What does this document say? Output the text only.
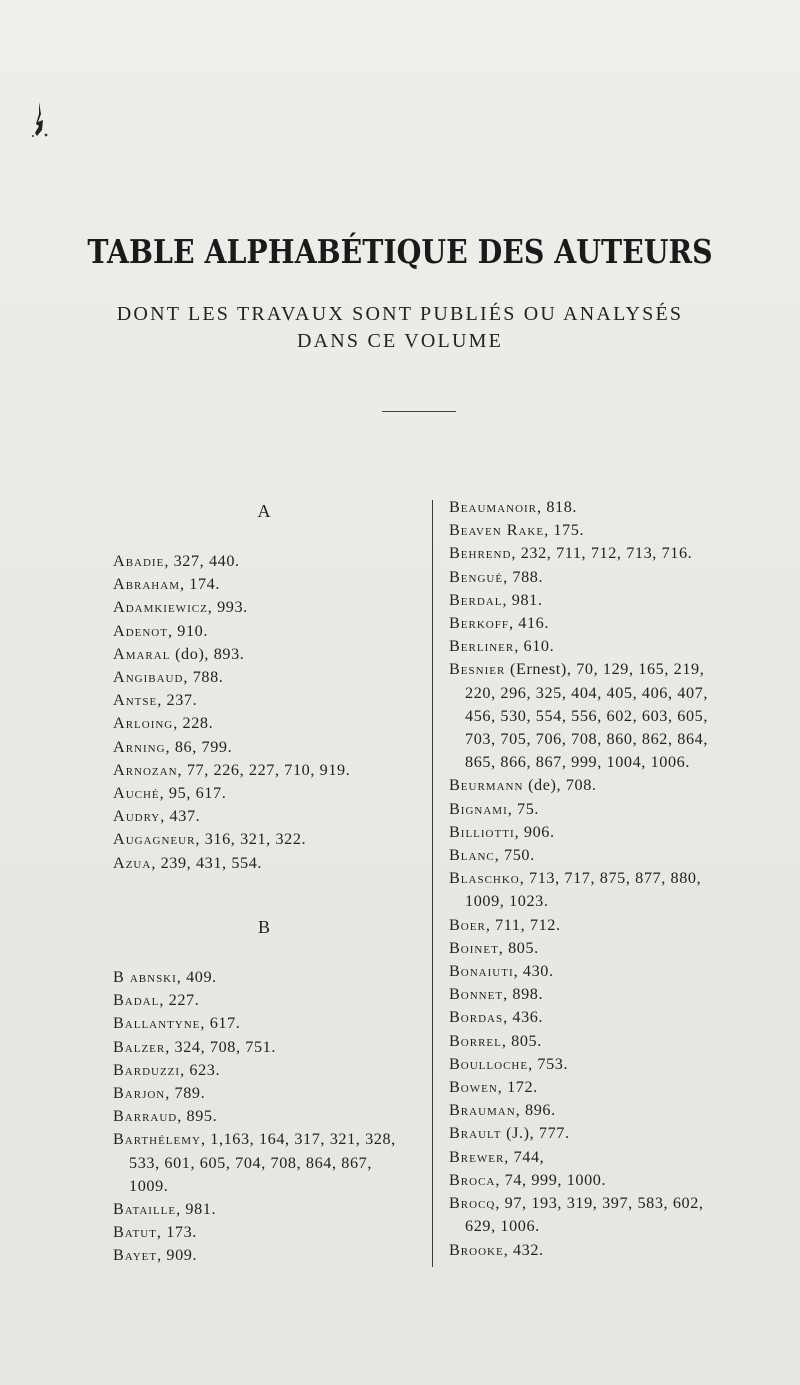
TABLE ALPHABÉTIQUE DES AUTEURS
DONT LES TRAVAUX SONT PUBLIÉS OU ANALYSÉS
DANS CE VOLUME
A
B
Abadie, 327, 440.
Abraham, 174.
Adamkiewicz, 993.
Adenot, 910.
Amaral (do), 893.
Angibaud, 788.
Antse, 237.
Arloing, 228.
Arning, 86, 799.
Arnozan, 77, 226, 227, 710, 919.
Auché, 95, 617.
Audry, 437.
Augagneur, 316, 321, 322.
Azua, 239, 431, 554.
B abnski, 409.
Badal, 227.
Ballantyne, 617.
Balzer, 324, 708, 751.
Barduzzi, 623.
Barjon, 789.
Barraud, 895.
Barthélemy, 1,163, 164, 317, 321, 328,
533, 601, 605, 704, 708, 864, 867,
1009.
Bataille, 981.
Batut, 173.
Bayet, 909.
Beaumanoir, 818.
Beaven Rake, 175.
Behrend, 232, 711, 712, 713, 716.
Bengué, 788.
Berdal, 981.
Berkoff, 416.
Berliner, 610.
Besnier (Ernest), 70, 129, 165, 219,
220, 296, 325, 404, 405, 406, 407,
456, 530, 554, 556, 602, 603, 605,
703, 705, 706, 708, 860, 862, 864,
865, 866, 867, 999, 1004, 1006.
Beurmann (de), 708.
Bignami, 75.
Billiotti, 906.
Blanc, 750.
Blaschko, 713, 717, 875, 877, 880,
1009, 1023.
Boer, 711, 712.
Boinet, 805.
Bonaiuti, 430.
Bonnet, 898.
Bordas, 436.
Borrel, 805.
Boulloche, 753.
Bowen, 172.
Brauman, 896.
Brault (J.), 777.
Brewer, 744,
Broca, 74, 999, 1000.
Brocq, 97, 193, 319, 397, 583, 602,
629, 1006.
Brooke, 432.
